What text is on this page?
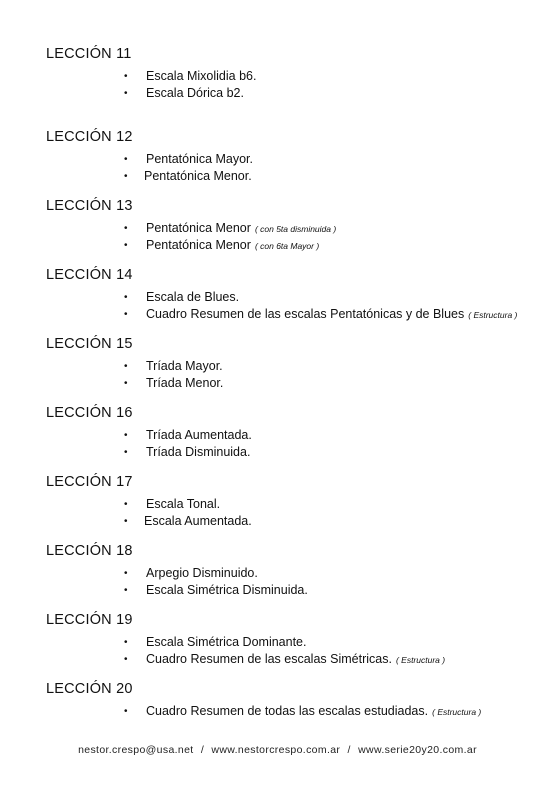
LECCIÓN 11
• Escala Mixolidia b6.
• Escala Dórica b2.
LECCIÓN 12
• Pentatónica Mayor.
• Pentatónica Menor.
LECCIÓN 13
• Pentatónica Menor ( con 5ta disminuida )
• Pentatónica Menor ( con 6ta Mayor )
LECCIÓN 14
• Escala de Blues.
• Cuadro Resumen de las escalas Pentatónicas y de Blues ( Estructura )
LECCIÓN 15
• Tríada Mayor.
• Tríada Menor.
LECCIÓN 16
• Tríada Aumentada.
• Tríada Disminuida.
LECCIÓN 17
• Escala Tonal.
• Escala Aumentada.
LECCIÓN 18
• Arpegio Disminuido.
• Escala Simétrica Disminuida.
LECCIÓN 19
• Escala Simétrica Dominante.
• Cuadro Resumen de las escalas Simétricas. ( Estructura )
LECCIÓN 20
• Cuadro Resumen de todas las escalas estudiadas. ( Estructura )
nestor.crespo@usa.net / www.nestorcrespo.com.ar / www.serie20y20.com.ar
